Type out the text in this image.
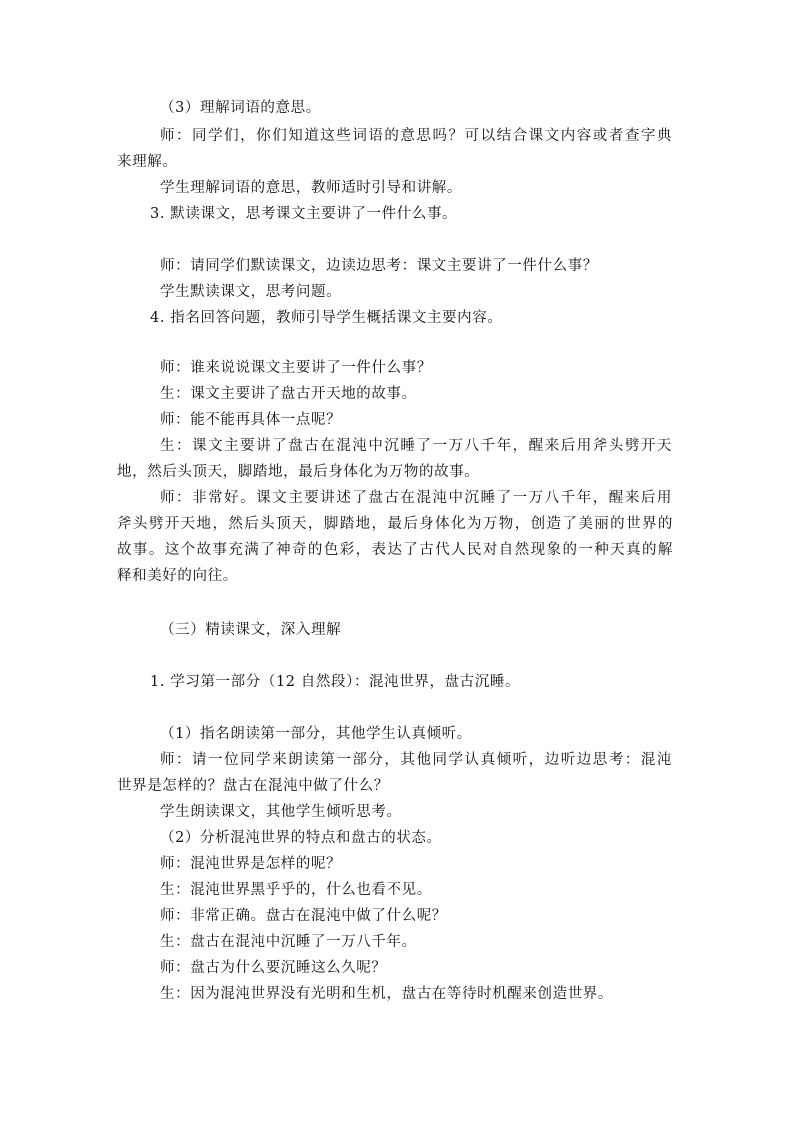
（3）理解词语的意思。
师：同学们，你们知道这些词语的意思吗？可以结合课文内容或者查字典
来理解。
学生理解词语的意思，教师适时引导和讲解。
3. 默读课文，思考课文主要讲了一件什么事。
师：请同学们默读课文，边读边思考：课文主要讲了一件什么事？
学生默读课文，思考问题。
4. 指名回答问题，教师引导学生概括课文主要内容。
师：谁来说说课文主要讲了一件什么事？
生：课文主要讲了盘古开天地的故事。
师：能不能再具体一点呢？
生：课文主要讲了盘古在混沌中沉睡了一万八千年，醒来后用斧头劈开天
地，然后头顶天，脚踏地，最后身体化为万物的故事。
师：非常好。课文主要讲述了盘古在混沌中沉睡了一万八千年，醒来后用
斧头劈开天地，然后头顶天，脚踏地，最后身体化为万物，创造了美丽的世界的
故事。这个故事充满了神奇的色彩，表达了古代人民对自然现象的一种天真的解
释和美好的向往。
（三）精读课文，深入理解
1. 学习第一部分（12 自然段）：混沌世界，盘古沉睡。
（1）指名朗读第一部分，其他学生认真倾听。
师：请一位同学来朗读第一部分，其他同学认真倾听，边听边思考：混沌
世界是怎样的？盘古在混沌中做了什么？
学生朗读课文，其他学生倾听思考。
（2）分析混沌世界的特点和盘古的状态。
师：混沌世界是怎样的呢？
生：混沌世界黑乎乎的，什么也看不见。
师：非常正确。盘古在混沌中做了什么呢？
生：盘古在混沌中沉睡了一万八千年。
师：盘古为什么要沉睡这么久呢？
生：因为混沌世界没有光明和生机，盘古在等待时机醒来创造世界。
